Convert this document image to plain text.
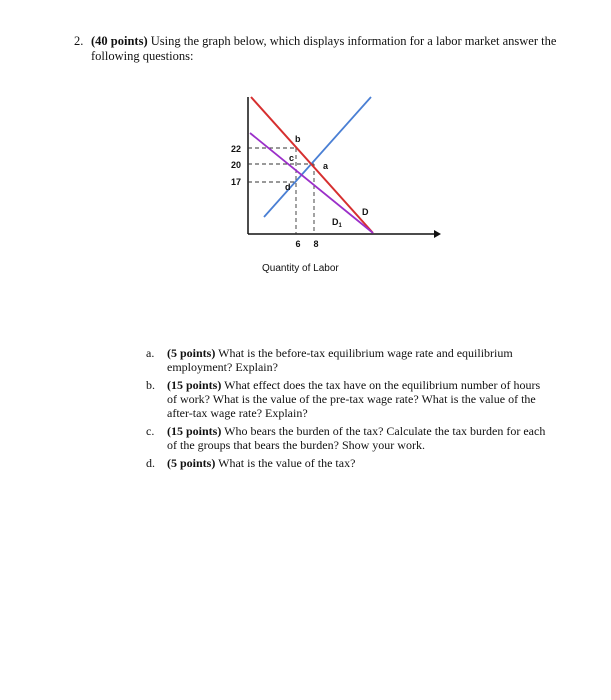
2. (40 points) Using the graph below, which displays information for a labor market answer the following questions:
22
20
17
6 8
b
c
a
d
D
$D_1$
Quantity of Labor
a. (5 points) What is the before-tax equilibrium wage rate and equilibrium employment? Explain?
b. (15 points) What effect does the tax have on the equilibrium number of hours of work? What is the value of the pre-tax wage rate? What is the value of the after-tax wage rate? Explain?
c. (15 points) Who bears the burden of the tax? Calculate the tax burden for each of the groups that bears the burden? Show your work.
d. (5 points) What is the value of the tax?
